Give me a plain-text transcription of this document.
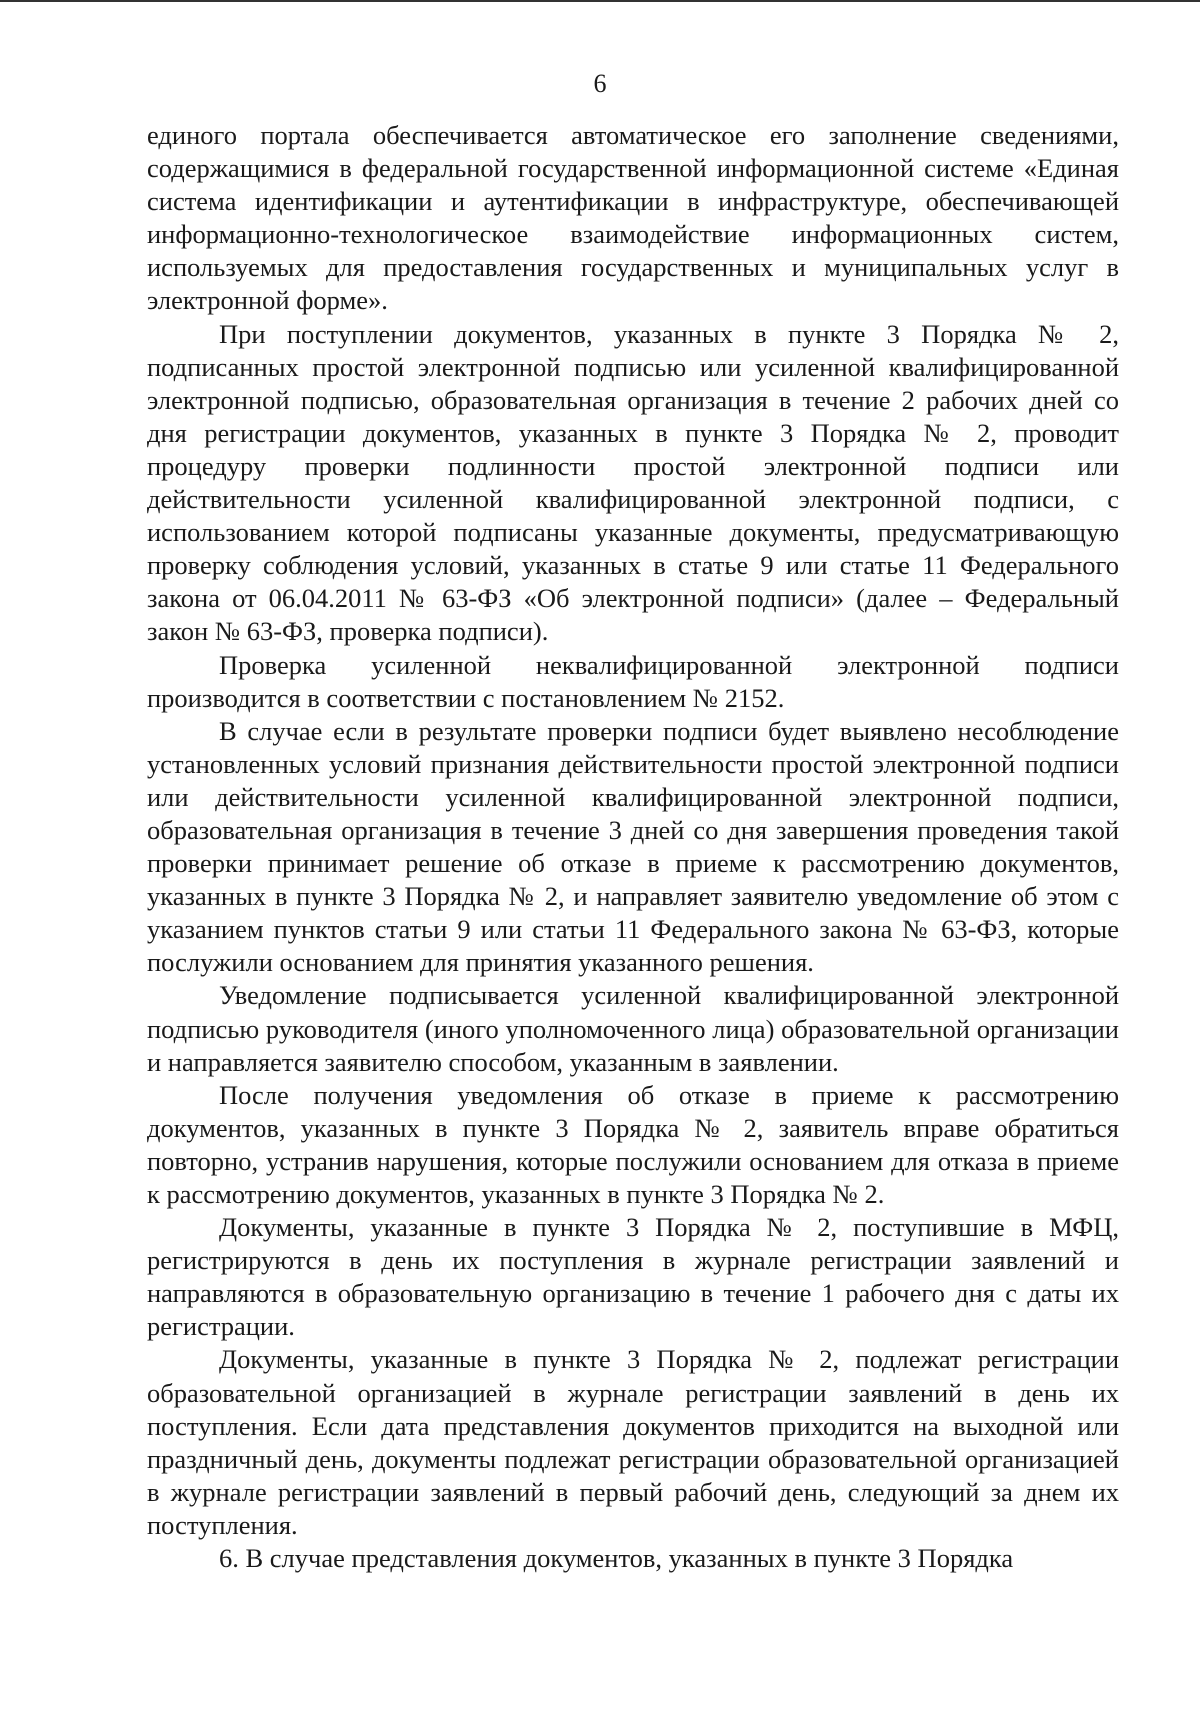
6

единого портала обеспечивается автоматическое его заполнение сведениями, содержащимися в федеральной государственной информационной системе «Единая система идентификации и аутентификации в инфраструктуре, обеспечивающей информационно-технологическое взаимодействие информационных систем, используемых для предоставления государственных и муниципальных услуг в электронной форме».

При поступлении документов, указанных в пункте 3 Порядка № 2, подписанных простой электронной подписью или усиленной квалифицированной электронной подписью, образовательная организация в течение 2 рабочих дней со дня регистрации документов, указанных в пункте 3 Порядка № 2, проводит процедуру проверки подлинности простой электронной подписи или действительности усиленной квалифицированной электронной подписи, с использованием которой подписаны указанные документы, предусматривающую проверку соблюдения условий, указанных в статье 9 или статье 11 Федерального закона от 06.04.2011 № 63-ФЗ «Об электронной подписи» (далее – Федеральный закон № 63-ФЗ, проверка подписи).

Проверка усиленной неквалифицированной электронной подписи производится в соответствии с постановлением № 2152.

В случае если в результате проверки подписи будет выявлено несоблюдение установленных условий признания действительности простой электронной подписи или действительности усиленной квалифицированной электронной подписи, образовательная организация в течение 3 дней со дня завершения проведения такой проверки принимает решение об отказе в приеме к рассмотрению документов, указанных в пункте 3 Порядка № 2, и направляет заявителю уведомление об этом с указанием пунктов статьи 9 или статьи 11 Федерального закона № 63-ФЗ, которые послужили основанием для принятия указанного решения.

Уведомление подписывается усиленной квалифицированной электронной подписью руководителя (иного уполномоченного лица) образовательной организации и направляется заявителю способом, указанным в заявлении.

После получения уведомления об отказе в приеме к рассмотрению документов, указанных в пункте 3 Порядка № 2, заявитель вправе обратиться повторно, устранив нарушения, которые послужили основанием для отказа в приеме к рассмотрению документов, указанных в пункте 3 Порядка № 2.

Документы, указанные в пункте 3 Порядка № 2, поступившие в МФЦ, регистрируются в день их поступления в журнале регистрации заявлений и направляются в образовательную организацию в течение 1 рабочего дня с даты их регистрации.

Документы, указанные в пункте 3 Порядка № 2, подлежат регистрации образовательной организацией в журнале регистрации заявлений в день их поступления. Если дата представления документов приходится на выходной или праздничный день, документы подлежат регистрации образовательной организацией в журнале регистрации заявлений в первый рабочий день, следующий за днем их поступления.

6. В случае представления документов, указанных в пункте 3 Порядка
